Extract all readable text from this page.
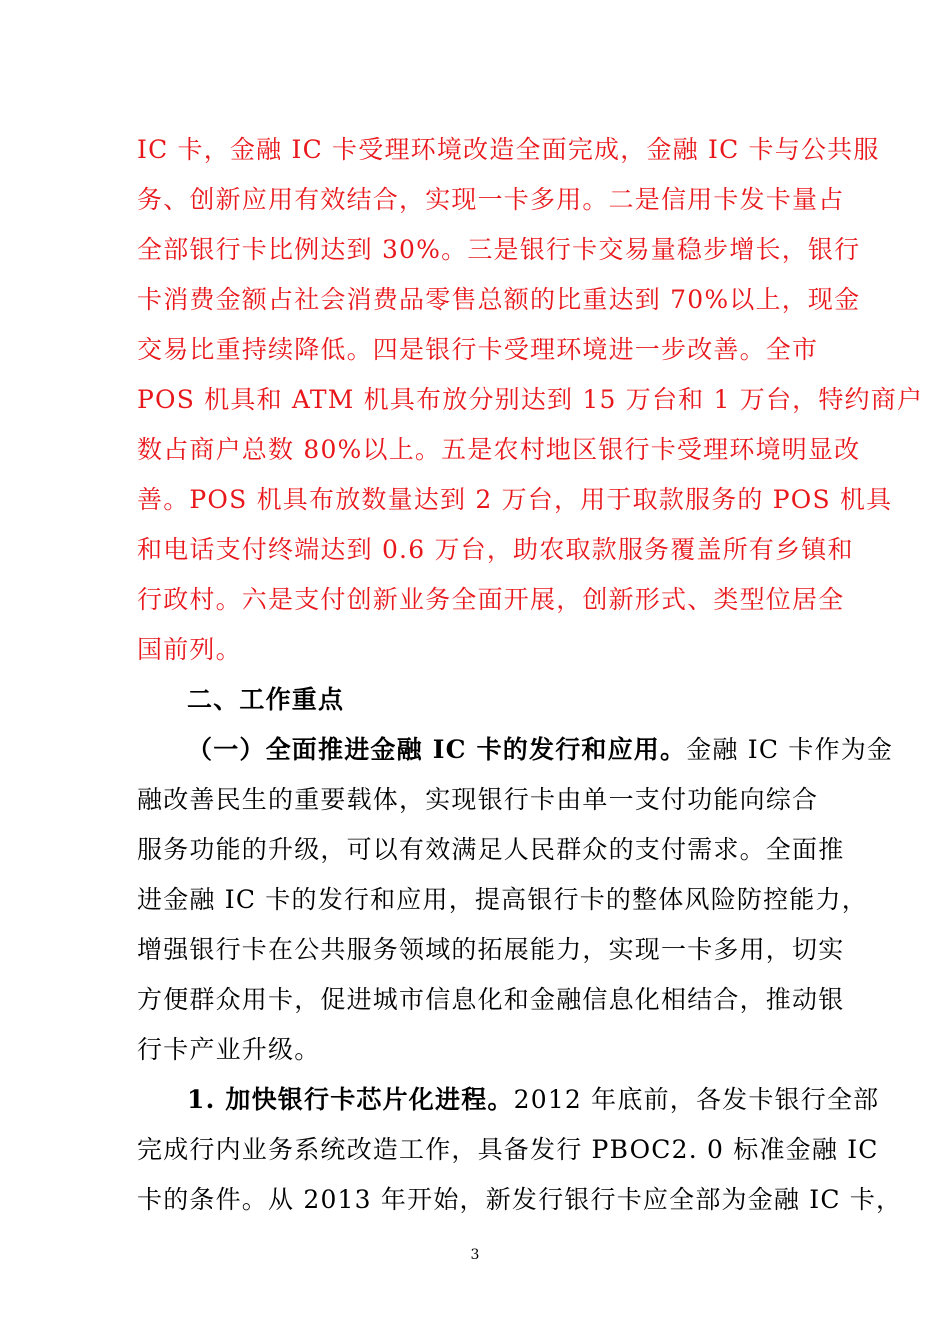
IC 卡，金融 IC 卡受理环境改造全面完成，金融 IC 卡与公共服
务、创新应用有效结合，实现一卡多用。二是信用卡发卡量占
全部银行卡比例达到 30%。三是银行卡交易量稳步增长，银行
卡消费金额占社会消费品零售总额的比重达到 70%以上，现金
交易比重持续降低。四是银行卡受理环境进一步改善。全市
POS 机具和 ATM 机具布放分别达到 15 万台和 1 万台，特约商户
数占商户总数 80%以上。五是农村地区银行卡受理环境明显改
善。POS 机具布放数量达到 2 万台，用于取款服务的 POS 机具
和电话支付终端达到 0.6 万台，助农取款服务覆盖所有乡镇和
行政村。六是支付创新业务全面开展，创新形式、类型位居全
国前列。
二、工作重点
（一）全面推进金融 IC 卡的发行和应用。金融 IC 卡作为金
融改善民生的重要载体，实现银行卡由单一支付功能向综合
服务功能的升级，可以有效满足人民群众的支付需求。全面推
进金融 IC 卡的发行和应用，提高银行卡的整体风险防控能力，
增强银行卡在公共服务领域的拓展能力，实现一卡多用，切实
方便群众用卡，促进城市信息化和金融信息化相结合，推动银
行卡产业升级。
1. 加快银行卡芯片化进程。2012 年底前，各发卡银行全部
完成行内业务系统改造工作，具备发行 PBOC2. 0 标准金融 IC
卡的条件。从 2013 年开始，新发行银行卡应全部为金融 IC 卡，
3
